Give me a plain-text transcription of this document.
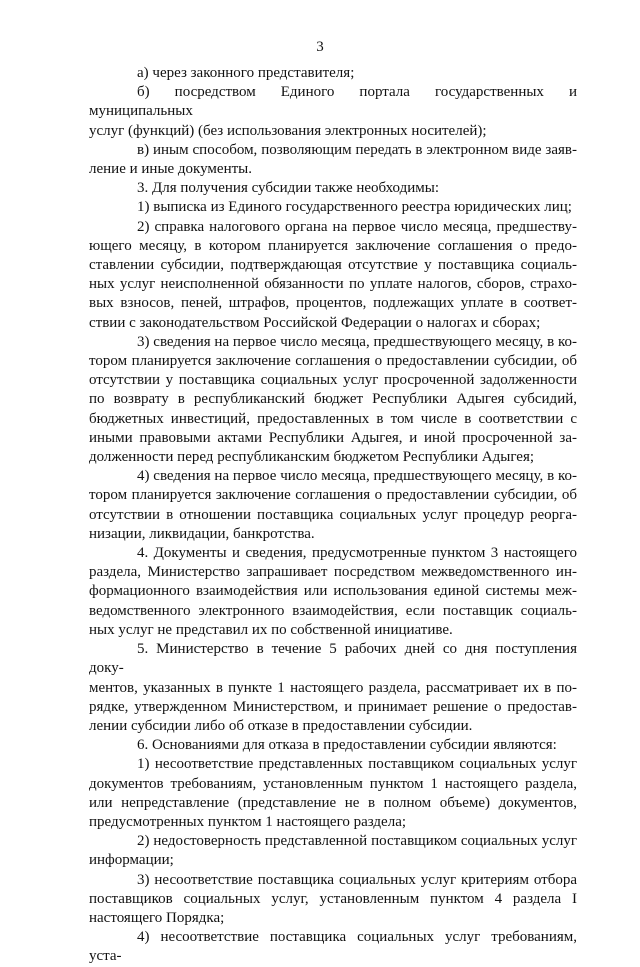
3

а) через законного представителя;

б) посредством Единого портала государственных и муниципальных

услуг (функций) (без использования электронных носителей);

в) иным способом, позволяющим передать в электронном виде заяв-

ление и иные документы.

3. Для получения субсидии также необходимы:

1) выписка из Единого государственного реестра юридических лиц;

2) справка налогового органа на первое число месяца, предшеству-

ющего месяцу, в котором планируется заключение соглашения о предо-

ставлении субсидии, подтверждающая отсутствие у поставщика социаль-

ных услуг неисполненной обязанности по уплате налогов, сборов, страхо-

вых взносов, пеней, штрафов, процентов, подлежащих уплате в соответ-

ствии с законодательством Российской Федерации о налогах и сборах;

3) сведения на первое число месяца, предшествующего месяцу, в ко-

тором планируется заключение соглашения о предоставлении субсидии, об

отсутствии у поставщика социальных услуг просроченной задолженности

по возврату в республиканский бюджет Республики Адыгея субсидий,

бюджетных инвестиций, предоставленных в том числе в соответствии с

иными правовыми актами Республики Адыгея, и иной просроченной за-

долженности перед республиканским бюджетом Республики Адыгея;

4) сведения на первое число месяца, предшествующего месяцу, в ко-

тором планируется заключение соглашения о предоставлении субсидии, об

отсутствии в отношении поставщика социальных услуг процедур реорга-

низации, ликвидации, банкротства.

4. Документы и сведения, предусмотренные пунктом 3 настоящего

раздела, Министерство запрашивает посредством межведомственного ин-

формационного взаимодействия или использования единой системы меж-

ведомственного электронного взаимодействия, если поставщик социаль-

ных услуг не представил их по собственной инициативе.

5. Министерство в течение 5 рабочих дней со дня поступления доку-

ментов, указанных в пункте 1 настоящего раздела, рассматривает их в по-

рядке, утвержденном Министерством, и принимает решение о предостав-

лении субсидии либо об отказе в предоставлении субсидии.

6. Основаниями для отказа в предоставлении субсидии являются:

1) несоответствие представленных поставщиком социальных услуг

документов требованиям, установленным пунктом 1 настоящего раздела,

или непредставление (представление не в полном объеме) документов,

предусмотренных пунктом 1 настоящего раздела;

2) недостоверность представленной поставщиком социальных услуг

информации;

3) несоответствие поставщика социальных услуг критериям отбора

поставщиков социальных услуг, установленным пунктом 4 раздела I

настоящего Порядка;

4) несоответствие поставщика социальных услуг требованиям, уста-
